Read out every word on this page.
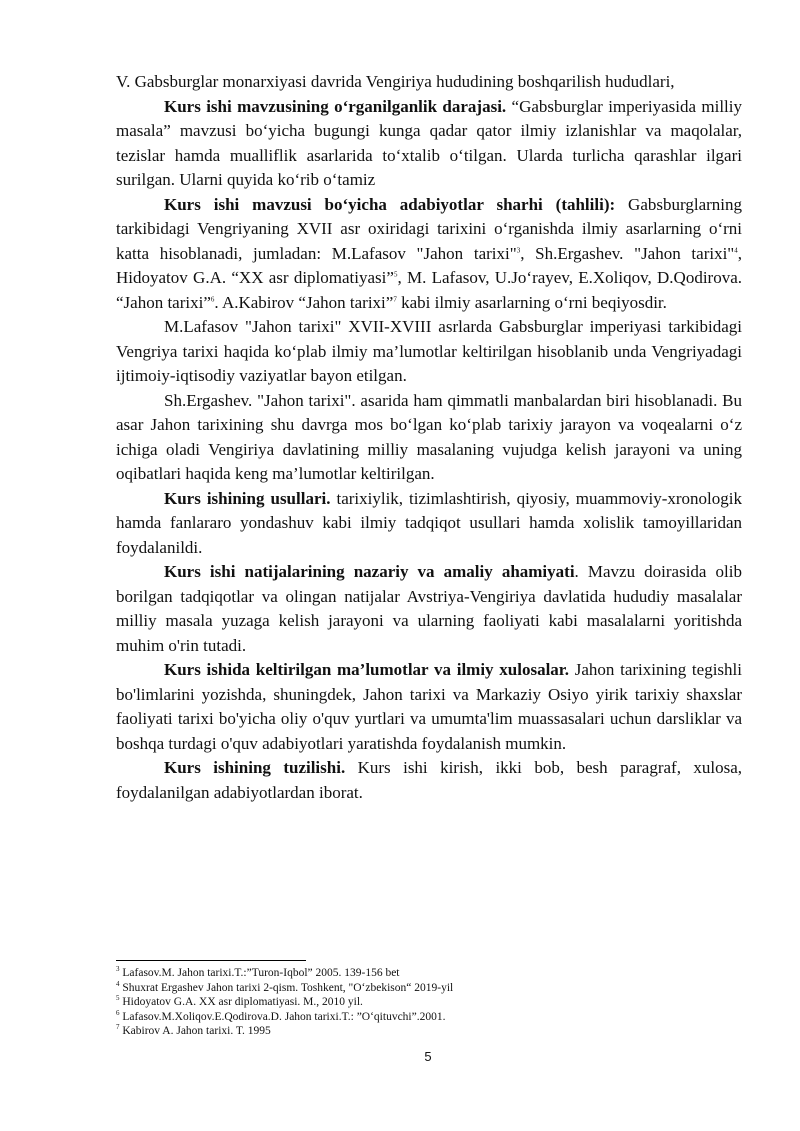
V. Gabsburglar monarxiyasi davrida Vengiriya hududining boshqarilish hududlari,

Kurs ishi mavzusining o‘rganilganlik darajasi. “Gabsburglar imperiyasida milliy masala” mavzusi bo‘yicha bugungi kunga qadar qator ilmiy izlanishlar va maqolalar, tezislar hamda mualliflik asarlarida to‘xtalib o‘tilgan. Ularda turlicha qarashlar ilgari surilgan. Ularni quyida ko‘rib o‘tamiz

Kurs ishi mavzusi bo‘yicha adabiyotlar sharhi (tahlili): Gabsburglarning tarkibidagi Vengriyaning XVII asr oxiridagi tarixini o‘rganishda ilmiy asarlarning o‘rni katta hisoblanadi, jumladan: M.Lafasov "Jahon tarixi"$^3$, Sh.Ergashev. "Jahon tarixi"$^4$, Hidoyatov G.A. “XX asr diplomatiyasi”$^5$, M. Lafasov, U.Jo‘rayev, E.Xoliqov, D.Qodirova. “Jahon tarixi”$^6$. A.Kabirov “Jahon tarixi”$^7$ kabi ilmiy asarlarning o‘rni beqiyosdir.

M.Lafasov "Jahon tarixi" XVII-XVIII asrlarda Gabsburglar imperiyasi tarkibidagi Vengriya tarixi haqida ko‘plab ilmiy ma’lumotlar keltirilgan hisoblanib unda Vengriyadagi ijtimoiy-iqtisodiy vaziyatlar bayon etilgan.

Sh.Ergashev. "Jahon tarixi". asarida ham qimmatli manbalardan biri hisoblanadi. Bu asar Jahon tarixining shu davrga mos bo‘lgan ko‘plab tarixiy jarayon va voqealarni o‘z ichiga oladi Vengiriya davlatining milliy masalaning vujudga kelish jarayoni va uning oqibatlari haqida keng ma’lumotlar keltirilgan.

Kurs ishining usullari. tarixiylik, tizimlashtirish, qiyosiy, muammoviy-xronologik hamda fanlararo yondashuv kabi ilmiy tadqiqot usullari hamda xolislik tamoyillaridan foydalanildi.

Kurs ishi natijalarining nazariy va amaliy ahamiyati. Mavzu doirasida olib borilgan tadqiqotlar va olingan natijalar Avstriya-Vengiriya davlatida hududiy masalalar milliy masala yuzaga kelish jarayoni va ularning faoliyati kabi masalalarni yoritishda muhim o'rin tutadi.

Kurs ishida keltirilgan ma’lumotlar va ilmiy xulosalar. Jahon tarixining tegishli bo'limlarini yozishda, shuningdek, Jahon tarixi va Markaziy Osiyo yirik tarixiy shaxslar faoliyati tarixi bo'yicha oliy o'quv yurtlari va umumta'lim muassasalari uchun darsliklar va boshqa turdagi o'quv adabiyotlari yaratishda foydalanish mumkin.

Kurs ishining tuzilishi. Kurs ishi kirish, ikki bob, besh paragraf, xulosa, foydalanilgan adabiyotlardan iborat.

$^3$ Lafasov.M. Jahon tarixi.T.:”Turon-Iqbol” 2005. 139-156 bet
$^4$ Shuxrat Ergashev Jahon tarixi 2-qism. Toshkent, "O‘zbekison“ 2019-yil
$^5$ Hidoyatov G.A. XX asr diplomatiyasi. M., 2010 yil.
$^6$ Lafasov.M.Xoliqov.E.Qodirova.D. Jahon tarixi.T.: ”O‘qituvchi”.2001.
$^7$ Kabirov A. Jahon tarixi. T. 1995
5
